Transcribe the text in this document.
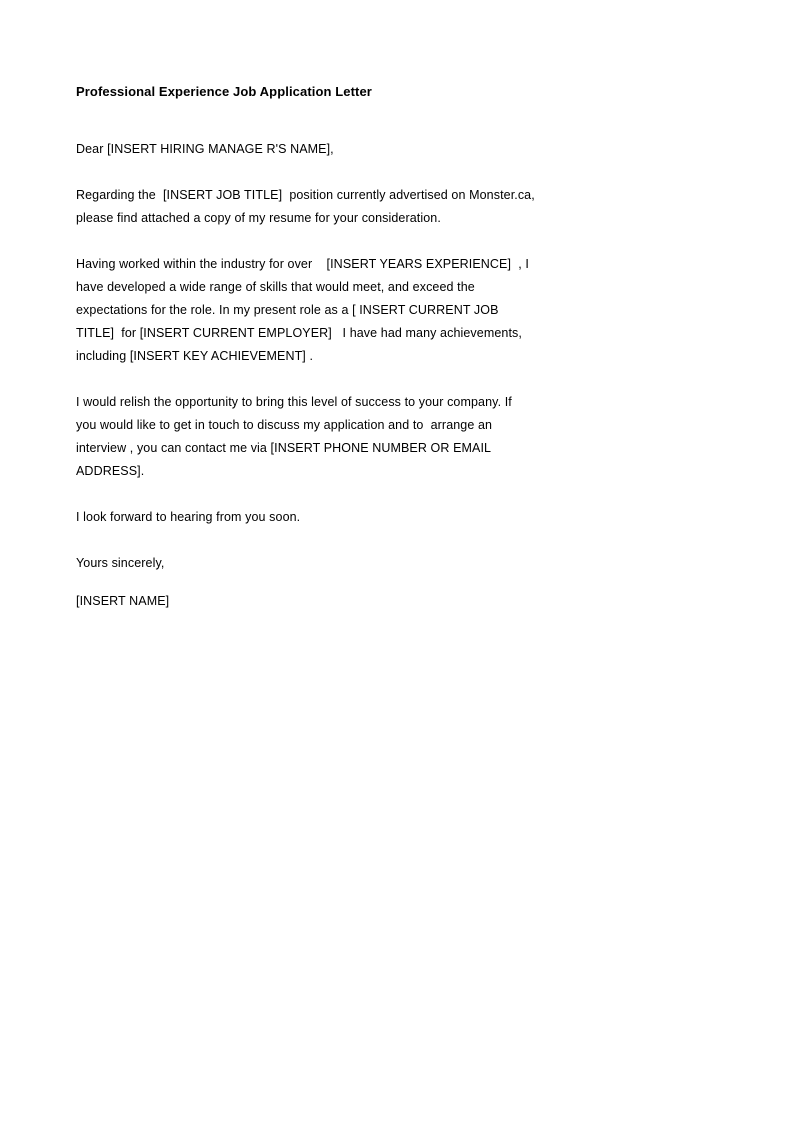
Professional Experience Job Application Letter
Dear [INSERT HIRING MANAGE R'S NAME],
Regarding the  [INSERT JOB TITLE]  position currently advertised on Monster.ca,
please find attached a copy of my resume for your consideration.
Having worked within the industry for over    [INSERT YEARS EXPERIENCE]  , I
have developed a wide range of skills that would meet, and exceed the
expectations for the role. In my present role as a [ INSERT CURRENT JOB
TITLE]  for [INSERT CURRENT EMPLOYER]   I have had many achievements,
including [INSERT KEY ACHIEVEMENT] .
I would relish the opportunity to bring this level of success to your company. If
you would like to get in touch to discuss my application and to  arrange an
interview , you can contact me via [INSERT PHONE NUMBER OR EMAIL
ADDRESS].
I look forward to hearing from you soon.
Yours sincerely,
[INSERT NAME]
